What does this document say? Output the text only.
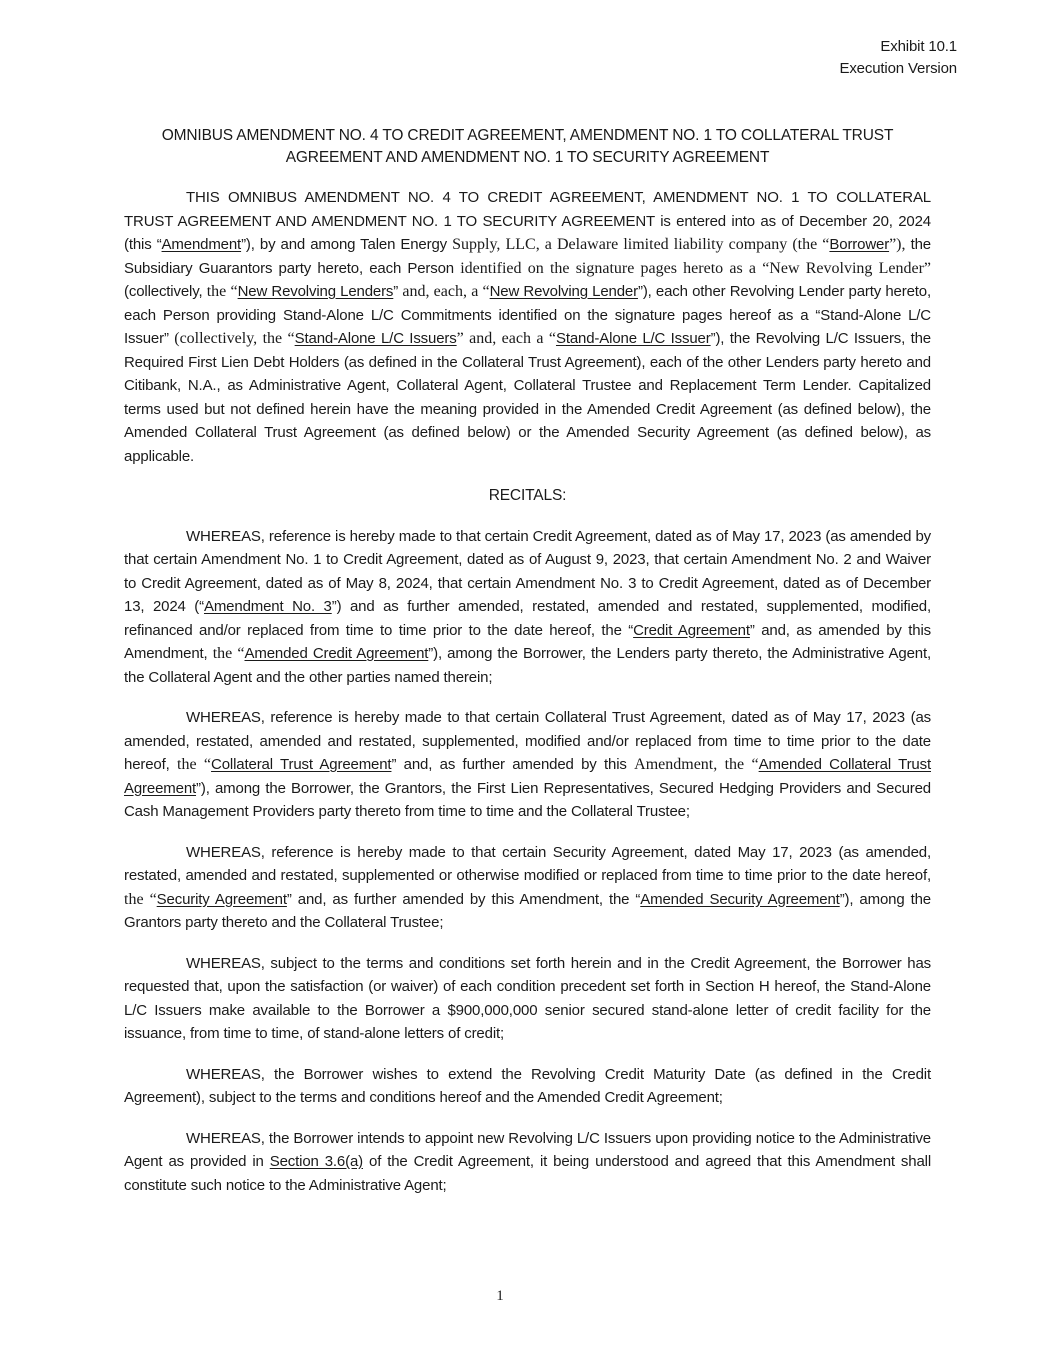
Exhibit 10.1
Execution Version
OMNIBUS AMENDMENT NO. 4 TO CREDIT AGREEMENT, AMENDMENT NO. 1 TO COLLATERAL TRUST AGREEMENT AND AMENDMENT NO. 1 TO SECURITY AGREEMENT

THIS OMNIBUS AMENDMENT NO. 4 TO CREDIT AGREEMENT, AMENDMENT NO. 1 TO COLLATERAL TRUST AGREEMENT AND AMENDMENT NO. 1 TO SECURITY AGREEMENT is entered into as of December 20, 2024 (this “Amendment”), by and among Talen Energy Supply, LLC, a Delaware limited liability company (the “Borrower”), the Subsidiary Guarantors party hereto, each Person identified on the signature pages hereto as a “New Revolving Lender” (collectively, the “New Revolving Lenders” and, each, a “New Revolving Lender”), each other Revolving Lender party hereto, each Person providing Stand-Alone L/C Commitments identified on the signature pages hereof as a “Stand-Alone L/C Issuer” (collectively, the “Stand-Alone L/C Issuers” and, each a “Stand-Alone L/C Issuer”), the Revolving L/C Issuers, the Required First Lien Debt Holders (as defined in the Collateral Trust Agreement), each of the other Lenders party hereto and Citibank, N.A., as Administrative Agent, Collateral Agent, Collateral Trustee and Replacement Term Lender. Capitalized terms used but not defined herein have the meaning provided in the Amended Credit Agreement (as defined below), the Amended Collateral Trust Agreement (as defined below) or the Amended Security Agreement (as defined below), as applicable.

RECITALS:

WHEREAS, reference is hereby made to that certain Credit Agreement, dated as of May 17, 2023 (as amended by that certain Amendment No. 1 to Credit Agreement, dated as of August 9, 2023, that certain Amendment No. 2 and Waiver to Credit Agreement, dated as of May 8, 2024, that certain Amendment No. 3 to Credit Agreement, dated as of December 13, 2024 (“Amendment No. 3”) and as further amended, restated, amended and restated, supplemented, modified, refinanced and/or replaced from time to time prior to the date hereof, the “Credit Agreement” and, as amended by this Amendment, the “Amended Credit Agreement”), among the Borrower, the Lenders party thereto, the Administrative Agent, the Collateral Agent and the other parties named therein;

WHEREAS, reference is hereby made to that certain Collateral Trust Agreement, dated as of May 17, 2023 (as amended, restated, amended and restated, supplemented, modified and/or replaced from time to time prior to the date hereof, the “Collateral Trust Agreement” and, as further amended by this Amendment, the “Amended Collateral Trust Agreement”), among the Borrower, the Grantors, the First Lien Representatives, Secured Hedging Providers and Secured Cash Management Providers party thereto from time to time and the Collateral Trustee;

WHEREAS, reference is hereby made to that certain Security Agreement, dated May 17, 2023 (as amended, restated, amended and restated, supplemented or otherwise modified or replaced from time to time prior to the date hereof, the “Security Agreement” and, as further amended by this Amendment, the “Amended Security Agreement”), among the Grantors party thereto and the Collateral Trustee;

WHEREAS, subject to the terms and conditions set forth herein and in the Credit Agreement, the Borrower has requested that, upon the satisfaction (or waiver) of each condition precedent set forth in Section H hereof, the Stand-Alone L/C Issuers make available to the Borrower a $900,000,000 senior secured stand-alone letter of credit facility for the issuance, from time to time, of stand-alone letters of credit;

WHEREAS, the Borrower wishes to extend the Revolving Credit Maturity Date (as defined in the Credit Agreement), subject to the terms and conditions hereof and the Amended Credit Agreement;

WHEREAS, the Borrower intends to appoint new Revolving L/C Issuers upon providing notice to the Administrative Agent as provided in Section 3.6(a) of the Credit Agreement, it being understood and agreed that this Amendment shall constitute such notice to the Administrative Agent;

1
